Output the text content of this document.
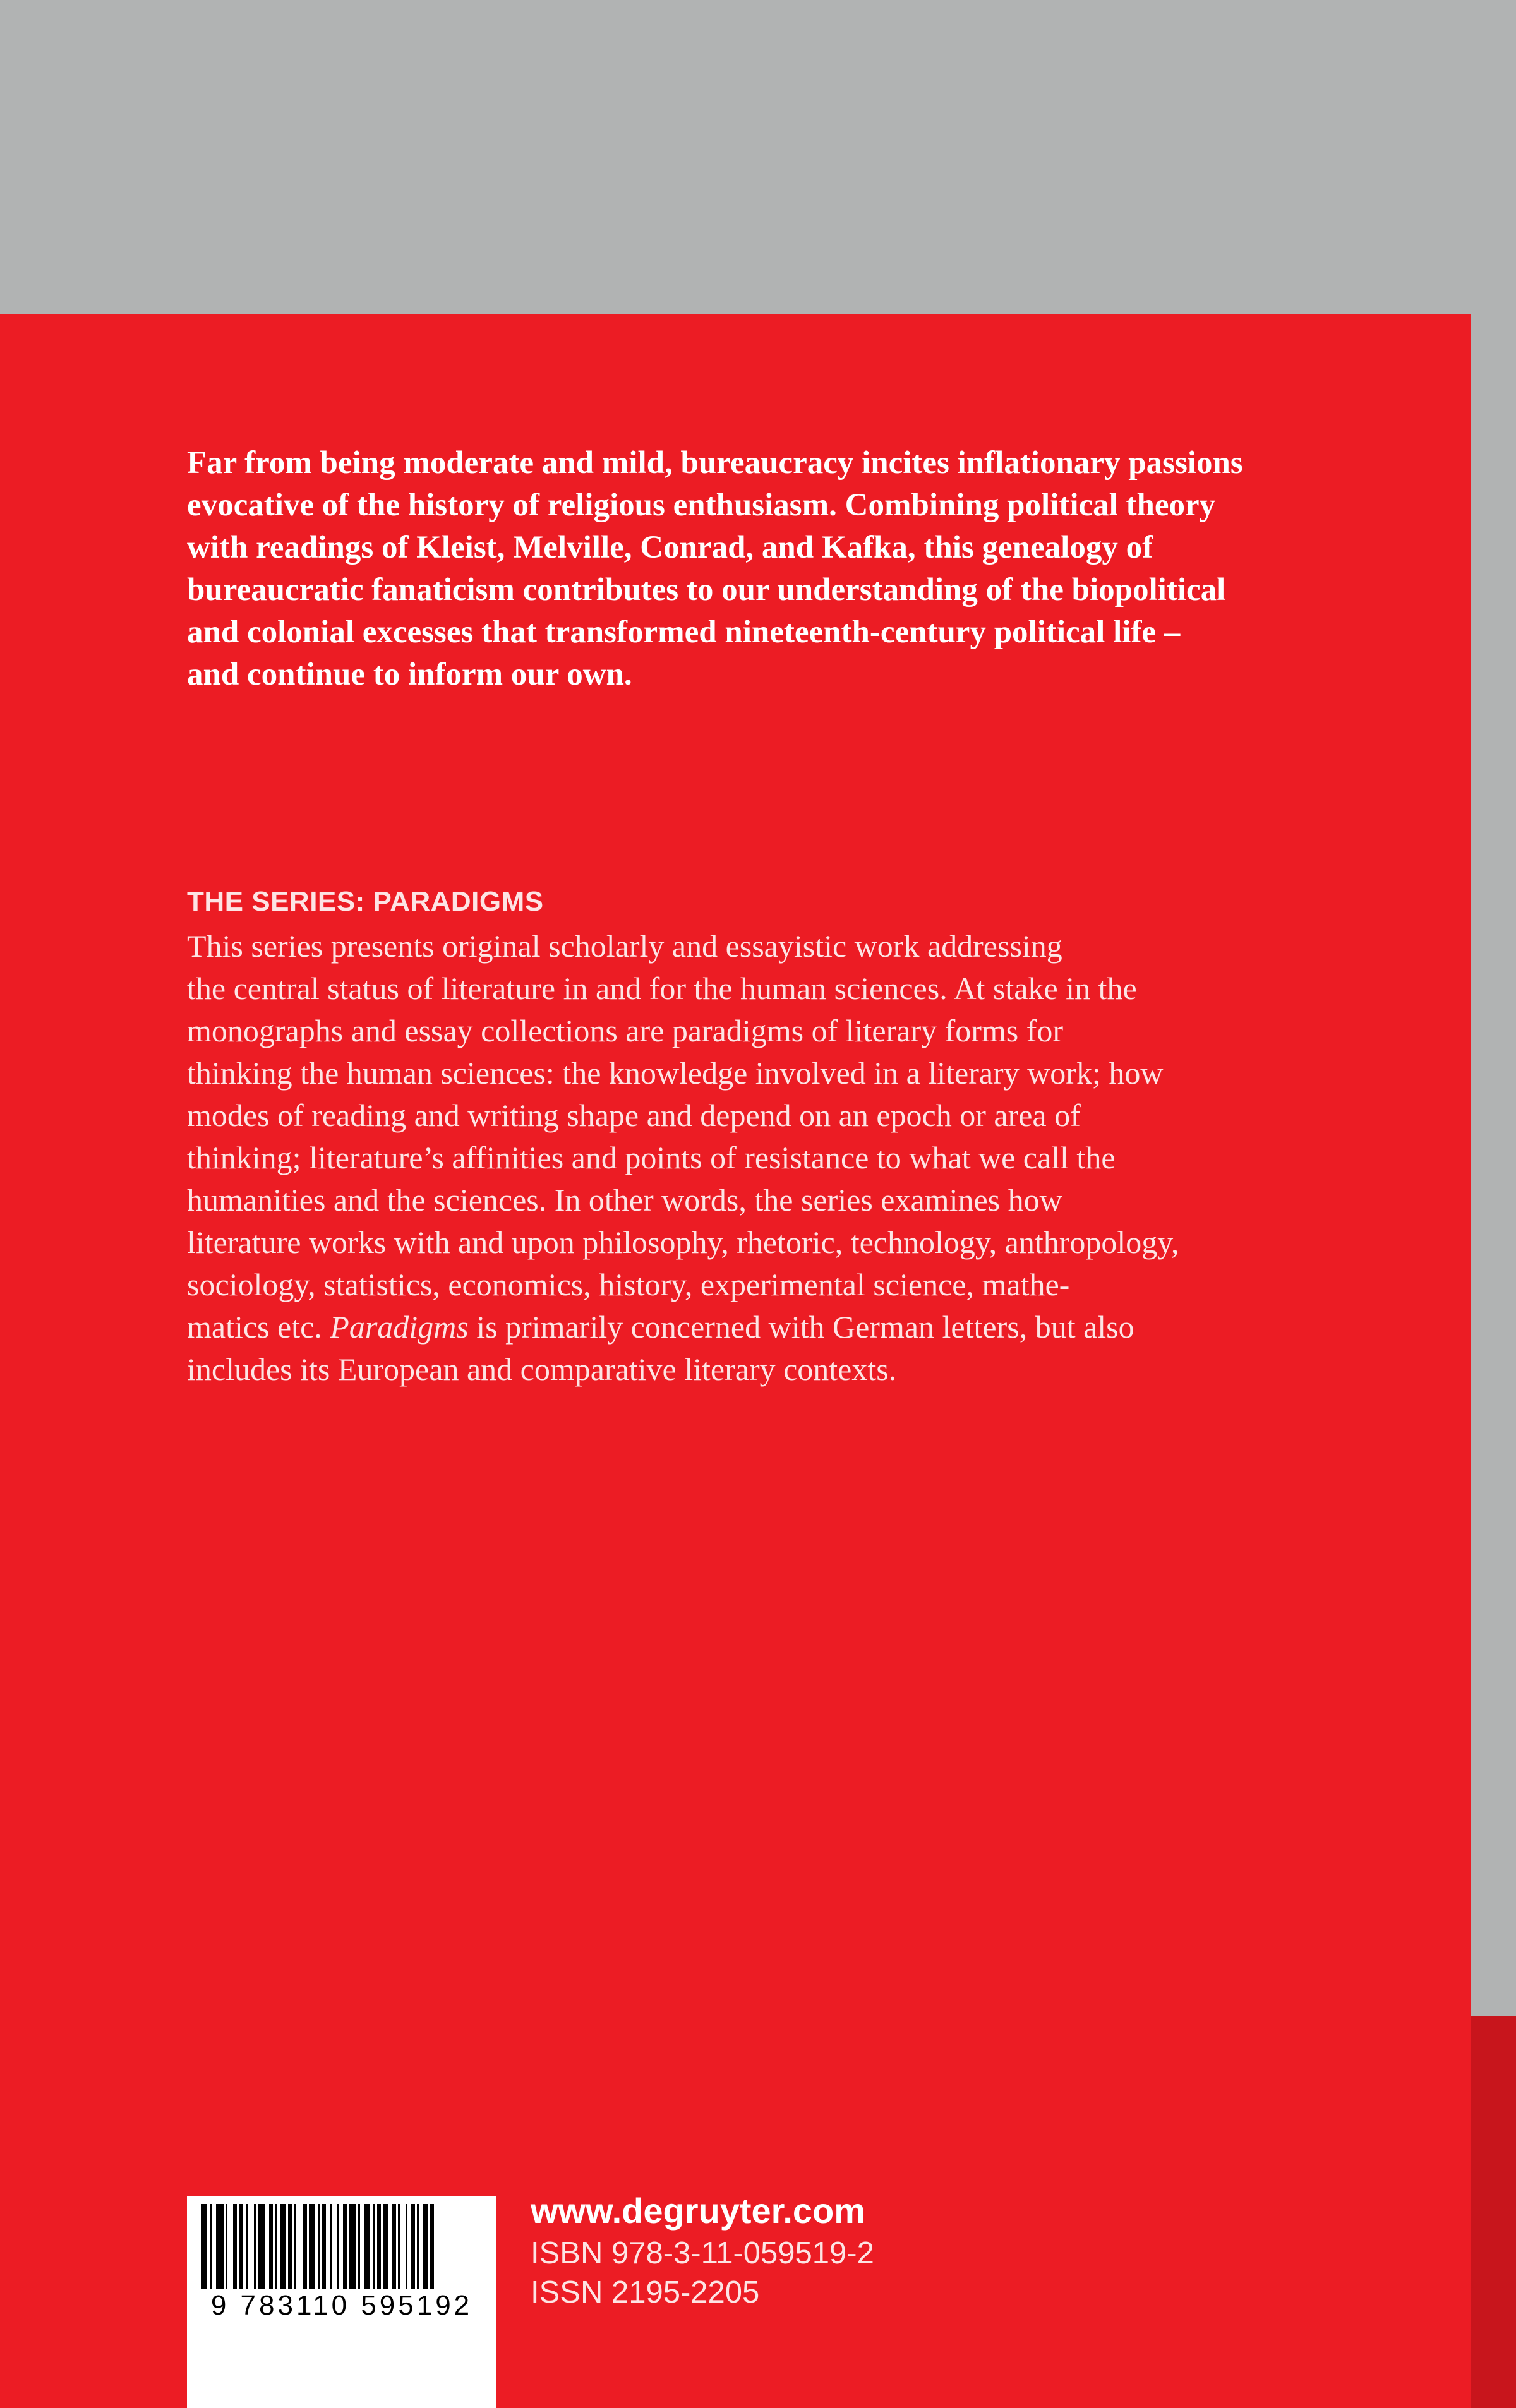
Far from being moderate and mild, bureaucracy incites inflationary passions
evocative of the history of religious enthusiasm. Combining political theory
with readings of Kleist, Melville, Conrad, and Kafka, this genealogy of
bureaucratic fanaticism contributes to our understanding of the biopolitical
and colonial excesses that transformed nineteenth-century political life –
and continue to inform our own.

THE SERIES: PARADIGMS

This series presents original scholarly and essayistic work addressing
the central status of literature in and for the human sciences. At stake in the
monographs and essay collections are paradigms of literary forms for
thinking the human sciences: the knowledge involved in a literary work; how
modes of reading and writing shape and depend on an epoch or area of
thinking; literature’s affinities and points of resistance to what we call the
humanities and the sciences. In other words, the series examines how
literature works with and upon philosophy, rhetoric, technology, anthropology,
sociology, statistics, economics, history, experimental science, mathe-
matics etc. Paradigms is primarily concerned with German letters, but also
includes its European and comparative literary contexts.

9 783110 595192
www.degruyter.com
ISBN 978-3-11-059519-2
ISSN 2195-2205
